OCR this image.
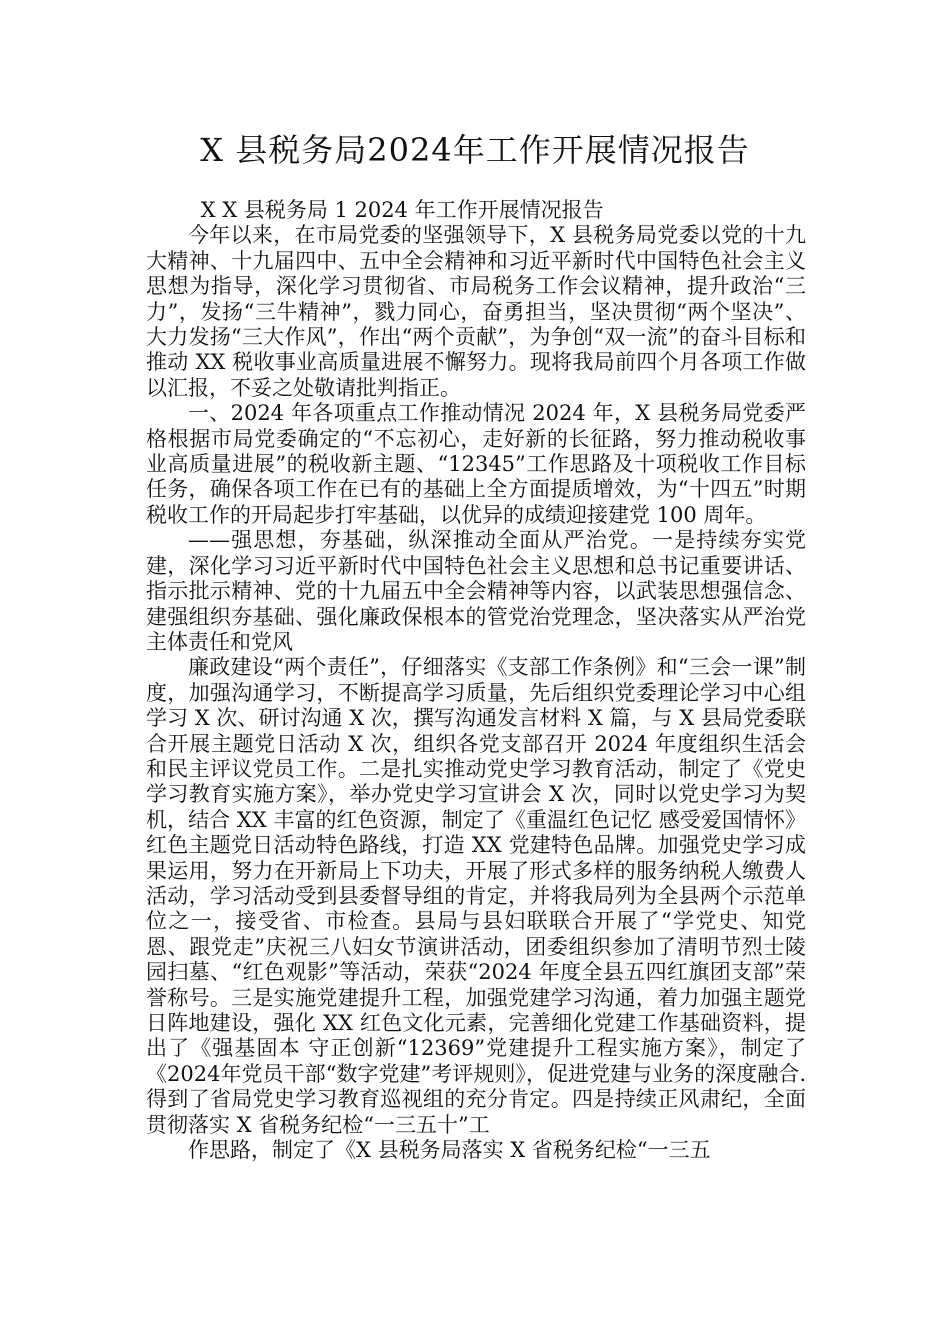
X 县税务局2024年工作开展情况报告

X X 县税务局 1 2024 年工作开展情况报告

今年以来，在市局党委的坚强领导下，X 县税务局党委以党的十九大精神、十九届四中、五中全会精神和习近平新时代中国特色社会主义思想为指导，深化学习贯彻省、市局税务工作会议精神，提升政治“三力”，发扬“三牛精神”，戮力同心，奋勇担当，坚决贯彻“两个坚决”、大力发扬“三大作风”，作出“两个贡献”，为争创“双一流”的奋斗目标和推动 XX 税收事业高质量进展不懈努力。现将我局前四个月各项工作做以汇报，不妥之处敬请批判指正。

一、2024 年各项重点工作推动情况 2024 年，X 县税务局党委严格根据市局党委确定的“不忘初心，走好新的长征路，努力推动税收事业高质量进展”的税收新主题、“12345”工作思路及十项税收工作目标任务，确保各项工作在已有的基础上全方面提质增效，为“十四五”时期税收工作的开局起步打牢基础，以优异的成绩迎接建党 100 周年。

——强思想，夯基础，纵深推动全面从严治党。一是持续夯实党建，深化学习习近平新时代中国特色社会主义思想和总书记重要讲话、指示批示精神、党的十九届五中全会精神等内容，以武装思想强信念、建强组织夯基础、强化廉政保根本的管党治党理念，坚决落实从严治党主体责任和党风

廉政建设“两个责任”，仔细落实《支部工作条例》和“三会一课”制度，加强沟通学习，不断提高学习质量，先后组织党委理论学习中心组学习 X 次、研讨沟通 X 次，撰写沟通发言材料 X 篇，与 X 县局党委联合开展主题党日活动 X 次，组织各党支部召开 2024 年度组织生活会和民主评议党员工作。二是扎实推动党史学习教育活动，制定了《党史学习教育实施方案》，举办党史学习宣讲会 X 次，同时以党史学习为契机，结合 XX 丰富的红色资源，制定了《重温红色记忆 感受爱国情怀》红色主题党日活动特色路线，打造 XX 党建特色品牌。加强党史学习成果运用，努力在开新局上下功夫，开展了形式多样的服务纳税人缴费人活动，学习活动受到县委督导组的肯定，并将我局列为全县两个示范单位之一，接受省、市检查。县局与县妇联联合开展了“学党史、知党恩、跟党走”庆祝三八妇女节演讲活动，团委组织参加了清明节烈士陵园扫墓、“红色观影”等活动，荣获“2024 年度全县五四红旗团支部”荣誉称号。三是实施党建提升工程，加强党建学习沟通，着力加强主题党日阵地建设，强化 XX 红色文化元素，完善细化党建工作基础资料，提出了《强基固本 守正创新“12369”党建提升工程实施方案》，制定了《2024年党员干部“数字党建”考评规则》，促进党建与业务的深度融合.得到了省局党史学习教育巡视组的充分肯定。四是持续正风肃纪，全面贯彻落实 X 省税务纪检“一三五十”工

作思路，制定了《X 县税务局落实 X 省税务纪检“一三五
